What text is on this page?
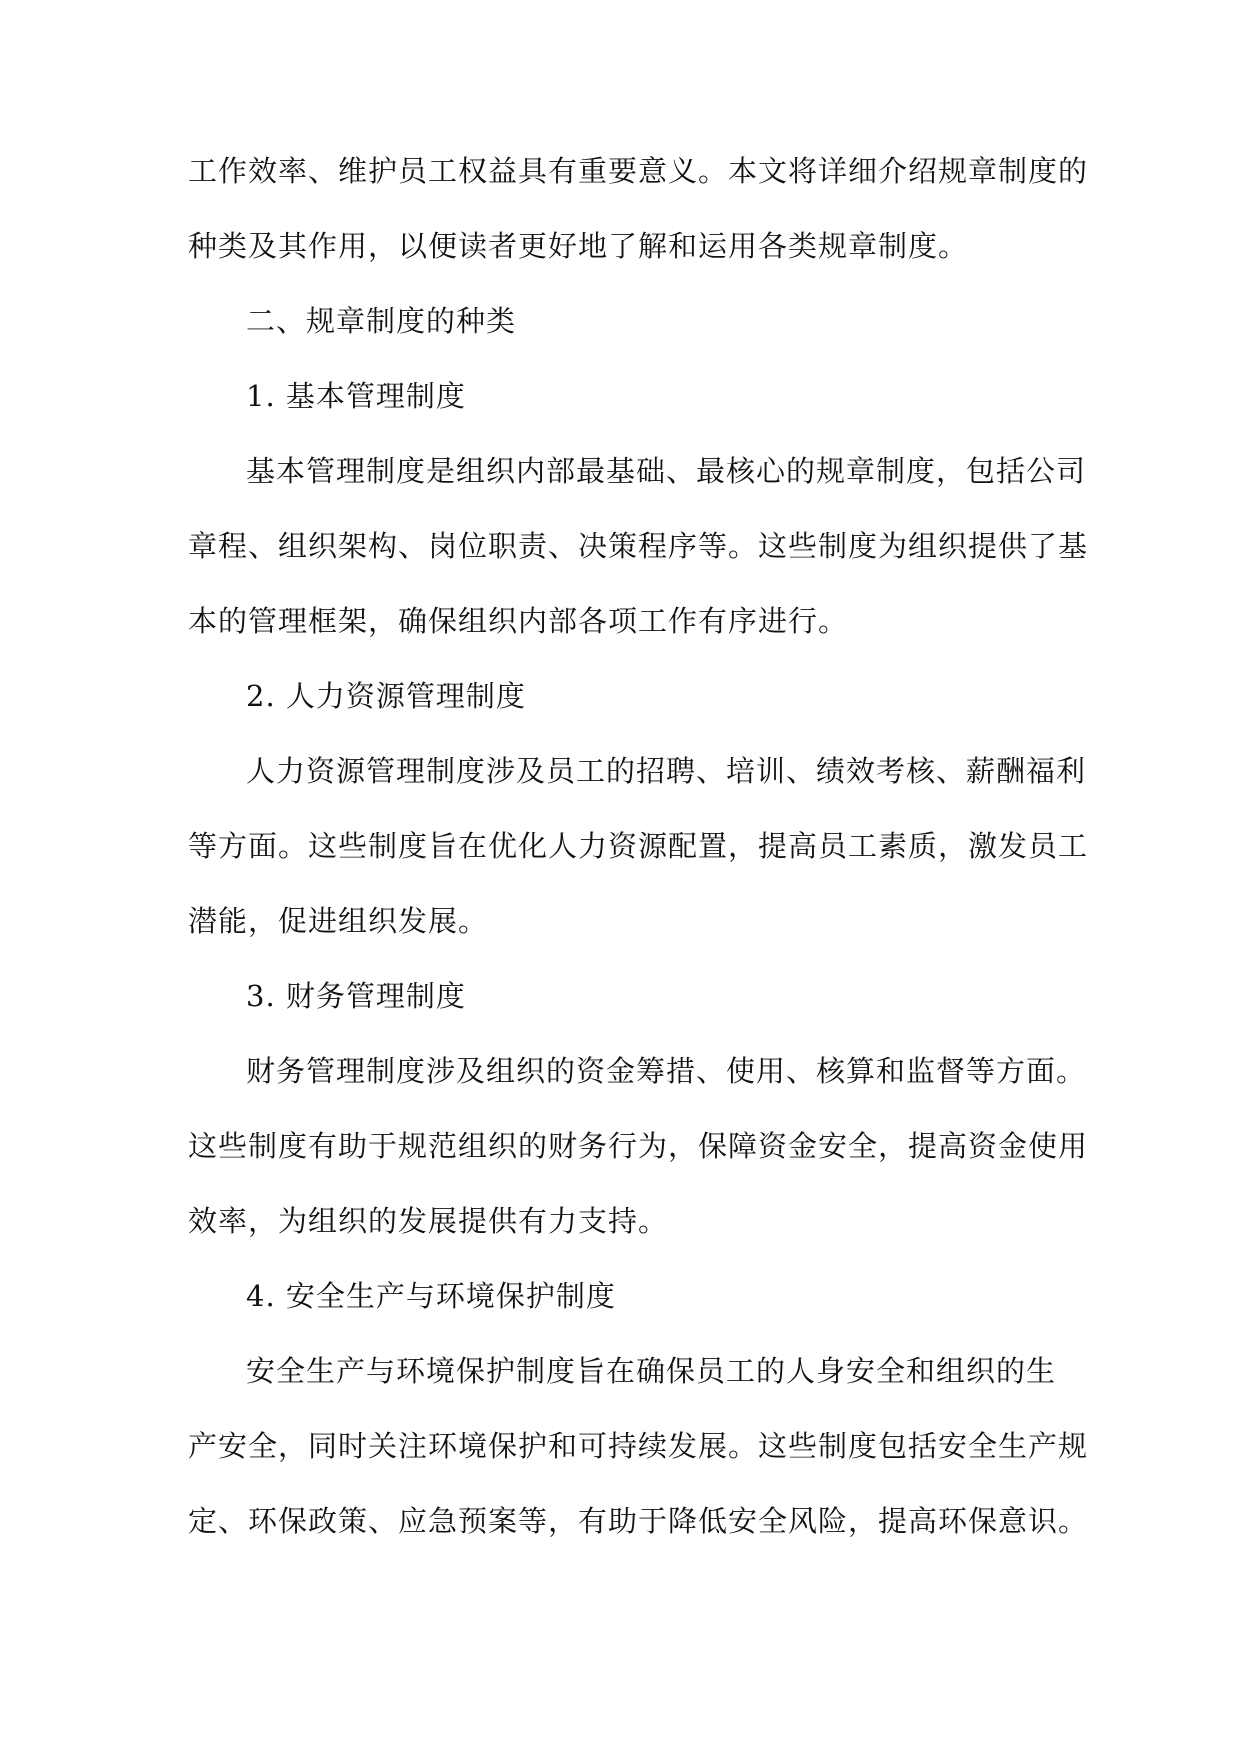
工作效率、维护员工权益具有重要意义。本文将详细介绍规章制度的
种类及其作用，以便读者更好地了解和运用各类规章制度。
二、规章制度的种类
1. 基本管理制度
基本管理制度是组织内部最基础、最核心的规章制度，包括公司
章程、组织架构、岗位职责、决策程序等。这些制度为组织提供了基
本的管理框架，确保组织内部各项工作有序进行。
2. 人力资源管理制度
人力资源管理制度涉及员工的招聘、培训、绩效考核、薪酬福利
等方面。这些制度旨在优化人力资源配置，提高员工素质，激发员工
潜能，促进组织发展。
3. 财务管理制度
财务管理制度涉及组织的资金筹措、使用、核算和监督等方面。
这些制度有助于规范组织的财务行为，保障资金安全，提高资金使用
效率，为组织的发展提供有力支持。
4. 安全生产与环境保护制度
安全生产与环境保护制度旨在确保员工的人身安全和组织的生
产安全，同时关注环境保护和可持续发展。这些制度包括安全生产规
定、环保政策、应急预案等，有助于降低安全风险，提高环保意识。
